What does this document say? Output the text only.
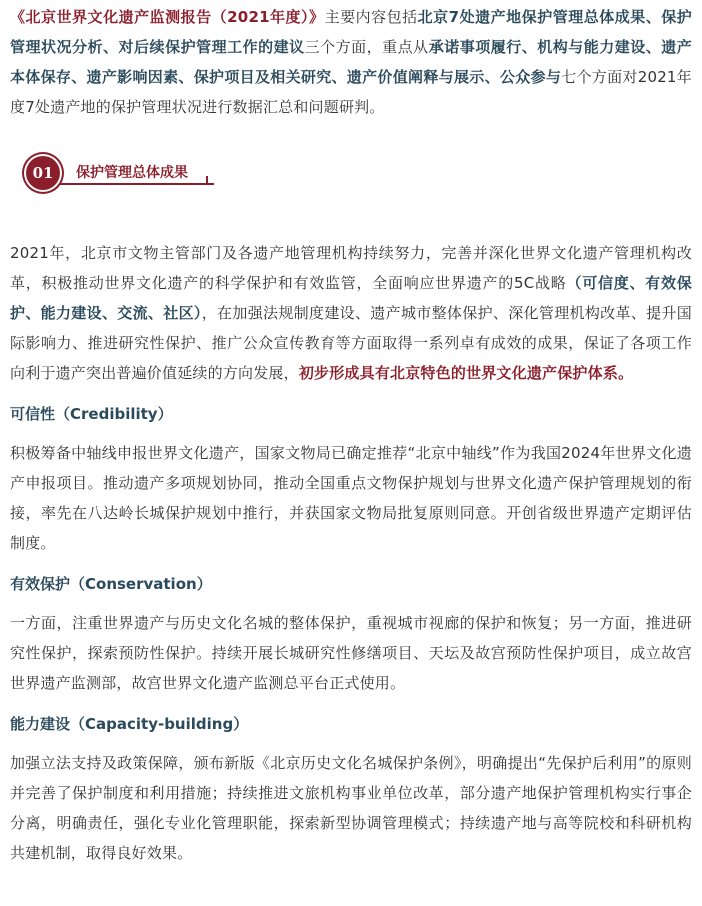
《北京世界文化遗产监测报告（2021年度）》主要内容包括北京7处遗产地保护管理总体成果、保护管理状况分析、对后续保护管理工作的建议三个方面，重点从承诺事项履行、机构与能力建设、遗产本体保存、遗产影响因素、保护项目及相关研究、遗产价值阐释与展示、公众参与七个方面对2021年度7处遗产地的保护管理状况进行数据汇总和问题研判。

01	保护管理总体成果

2021年，北京市文物主管部门及各遗产地管理机构持续努力，完善并深化世界文化遗产管理机构改革，积极推动世界文化遗产的科学保护和有效监管，全面响应世界遗产的5C战略（可信度、有效保护、能力建设、交流、社区），在加强法规制度建设、遗产城市整体保护、深化管理机构改革、提升国际影响力、推进研究性保护、推广公众宣传教育等方面取得一系列卓有成效的成果，保证了各项工作向利于遗产突出普遍价值延续的方向发展，初步形成具有北京特色的世界文化遗产保护体系。

可信性（Credibility）

积极筹备中轴线申报世界文化遗产，国家文物局已确定推荐“北京中轴线”作为我国2024年世界文化遗产申报项目。推动遗产多项规划协同，推动全国重点文物保护规划与世界文化遗产保护管理规划的衔接，率先在八达岭长城保护规划中推行，并获国家文物局批复原则同意。开创省级世界遗产定期评估制度。

有效保护（Conservation）

一方面，注重世界遗产与历史文化名城的整体保护，重视城市视廊的保护和恢复；另一方面，推进研究性保护，探索预防性保护。持续开展长城研究性修缮项目、天坛及故宫预防性保护项目，成立故宫世界遗产监测部，故宫世界文化遗产监测总平台正式使用。

能力建设（Capacity-building）

加强立法支持及政策保障，颁布新版《北京历史文化名城保护条例》，明确提出“先保护后利用”的原则并完善了保护制度和利用措施；持续推进文旅机构事业单位改革，部分遗产地保护管理机构实行事企分离，明确责任，强化专业化管理职能，探索新型协调管理模式；持续遗产地与高等院校和科研机构共建机制，取得良好效果。
